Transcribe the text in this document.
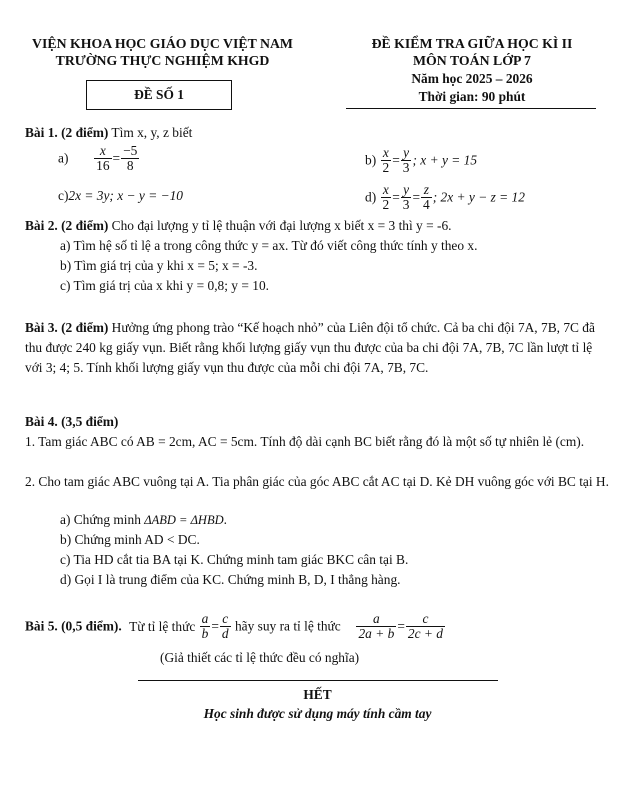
VIỆN KHOA HỌC GIÁO DỤC VIỆT NAM
TRƯỜNG THỰC NGHIỆM KHGD
ĐỀ SỐ 1
ĐỀ KIỂM TRA GIỮA HỌC KÌ II
MÔN TOÁN LỚP 7
Năm học 2025 – 2026
Thời gian: 90 phút
Bài 1. (2 điểm) Tìm x, y, z biết
$a) \frac{x}{16} = \frac{-5}{8}$	$b) \frac{x}{2} = \frac{y}{3}$ ; x + y = 15
c)2x = 3y; x − y = −10	$d) \frac{x}{2} = \frac{y}{3} = \frac{z}{4}$ ; 2x + y − z = 12
Bài 2. (2 điểm) Cho đại lượng y tỉ lệ thuận với đại lượng x biết x = 3 thì y = -6.
a) Tìm hệ số tỉ lệ a trong công thức y = ax. Từ đó viết công thức tính y theo x.
b) Tìm giá trị của y khi x = 5; x = -3.
c) Tìm giá trị của x khi y = 0,8; y = 10.
Bài 3. (2 điểm) Hưởng ứng phong trào “Kế hoạch nhỏ” của Liên đội tổ chức. Cả ba chi đội 7A, 7B, 7C đã thu được 240 kg giấy vụn. Biết rằng khối lượng giấy vụn thu được của ba chi đội 7A, 7B, 7C lần lượt tỉ lệ với 3; 4; 5. Tính khối lượng giấy vụn thu được của mỗi chi đội 7A, 7B, 7C.
Bài 4. (3,5 điểm)
1. Tam giác ABC có AB = 2cm, AC = 5cm. Tính độ dài cạnh BC biết rằng đó là một số tự nhiên lẻ (cm).
2. Cho tam giác ABC vuông tại A. Tia phân giác của góc ABC cắt AC tại D. Kẻ DH vuông góc với BC tại H.
a) Chứng minh ΔABD = ΔHBD.
b) Chứng minh AD < DC.
c) Tia HD cắt tia BA tại K. Chứng minh tam giác BKC cân tại B.
d) Gọi I là trung điểm của KC. Chứng minh B, D, I thẳng hàng.
Bài 5. (0,5 điểm). Từ tỉ lệ thức $\frac{a}{b} = \frac{c}{d}$ hãy suy ra tỉ lệ thức $\frac{a}{2a + b} = \frac{c}{2c + d}$
(Giả thiết các tỉ lệ thức đều có nghĩa)
HẾT
Học sinh được sử dụng máy tính cầm tay
